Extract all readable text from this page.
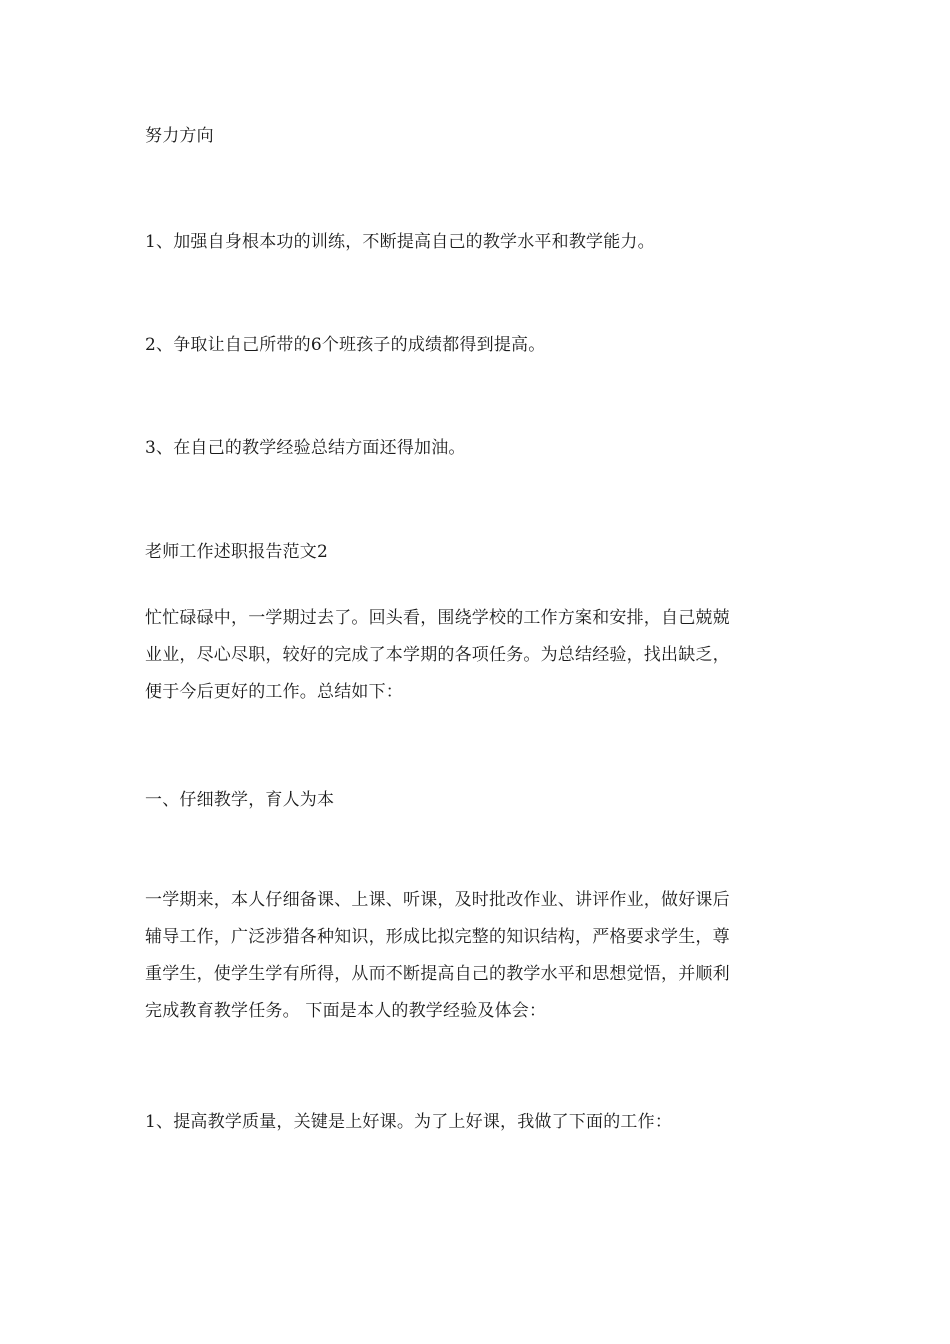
努力方向
1、加强自身根本功的训练，不断提高自己的教学水平和教学能力。
2、争取让自己所带的6个班孩子的成绩都得到提高。
3、在自己的教学经验总结方面还得加油。
老师工作述职报告范文2
忙忙碌碌中，一学期过去了。回头看，围绕学校的工作方案和安排，自己兢兢
业业，尽心尽职，较好的完成了本学期的各项任务。为总结经验，找出缺乏，
便于今后更好的工作。总结如下：
一、仔细教学，育人为本
一学期来，本人仔细备课、上课、听课，及时批改作业、讲评作业，做好课后
辅导工作，广泛涉猎各种知识，形成比拟完整的知识结构，严格要求学生，尊
重学生，使学生学有所得，从而不断提高自己的教学水平和思想觉悟，并顺利
完成教育教学任务。 下面是本人的教学经验及体会：
1、提高教学质量，关键是上好课。为了上好课，我做了下面的工作：
